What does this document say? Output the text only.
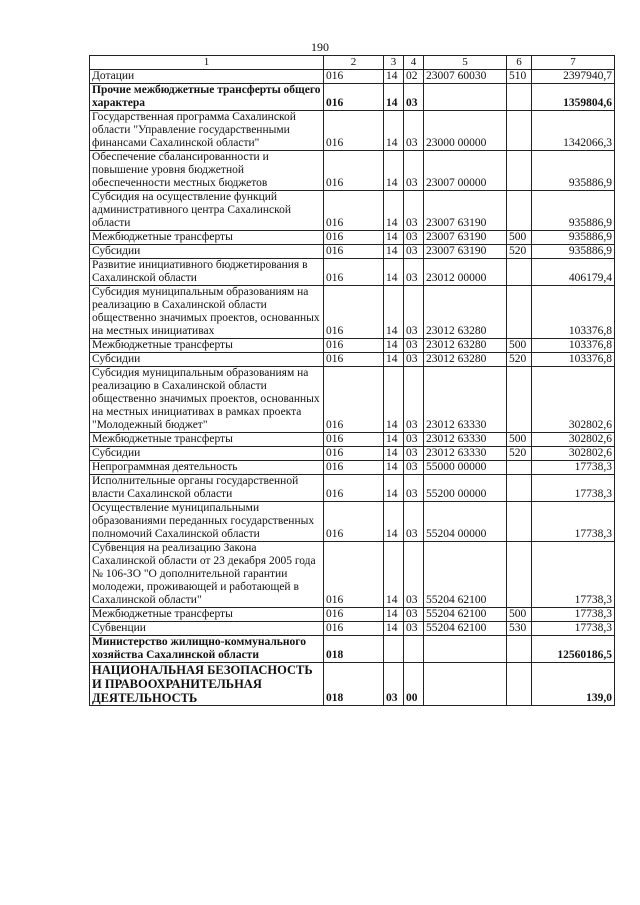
190
1	2	3	4	5	6	7
Дотации	016	14	02	23007 60030	510	2397940,7
Прочие межбюджетные трансферты общего характера	016	14	03			1359804,6
Государственная программа Сахалинской области "Управление государственными финансами Сахалинской области"	016	14	03	23000 00000		1342066,3
Обеспечение сбалансированности и повышение уровня бюджетной обеспеченности местных бюджетов	016	14	03	23007 00000		935886,9
Субсидия на осуществление функций административного центра Сахалинской области	016	14	03	23007 63190		935886,9
Межбюджетные трансферты	016	14	03	23007 63190	500	935886,9
Субсидии	016	14	03	23007 63190	520	935886,9
Развитие инициативного бюджетирования в Сахалинской области	016	14	03	23012 00000		406179,4
Субсидия муниципальным образованиям на реализацию в Сахалинской области общественно значимых проектов, основанных на местных инициативах	016	14	03	23012 63280		103376,8
Межбюджетные трансферты	016	14	03	23012 63280	500	103376,8
Субсидии	016	14	03	23012 63280	520	103376,8
Субсидия муниципальным образованиям на реализацию в Сахалинской области общественно значимых проектов, основанных на местных инициативах в рамках проекта "Молодежный бюджет"	016	14	03	23012 63330		302802,6
Межбюджетные трансферты	016	14	03	23012 63330	500	302802,6
Субсидии	016	14	03	23012 63330	520	302802,6
Непрограммная деятельность	016	14	03	55000 00000		17738,3
Исполнительные органы государственной власти Сахалинской области	016	14	03	55200 00000		17738,3
Осуществление муниципальными образованиями переданных государственных полномочий Сахалинской области	016	14	03	55204 00000		17738,3
Субвенция на реализацию Закона Сахалинской области от 23 декабря 2005 года № 106-ЗО "О дополнительной гарантии молодежи, проживающей и работающей в Сахалинской области"	016	14	03	55204 62100		17738,3
Межбюджетные трансферты	016	14	03	55204 62100	500	17738,3
Субвенции	016	14	03	55204 62100	530	17738,3
Министерство жилищно-коммунального хозяйства Сахалинской области	018					12560186,5
НАЦИОНАЛЬНАЯ БЕЗОПАСНОСТЬ И ПРАВООХРАНИТЕЛЬНАЯ ДЕЯТЕЛЬНОСТЬ	018	03	00			139,0
